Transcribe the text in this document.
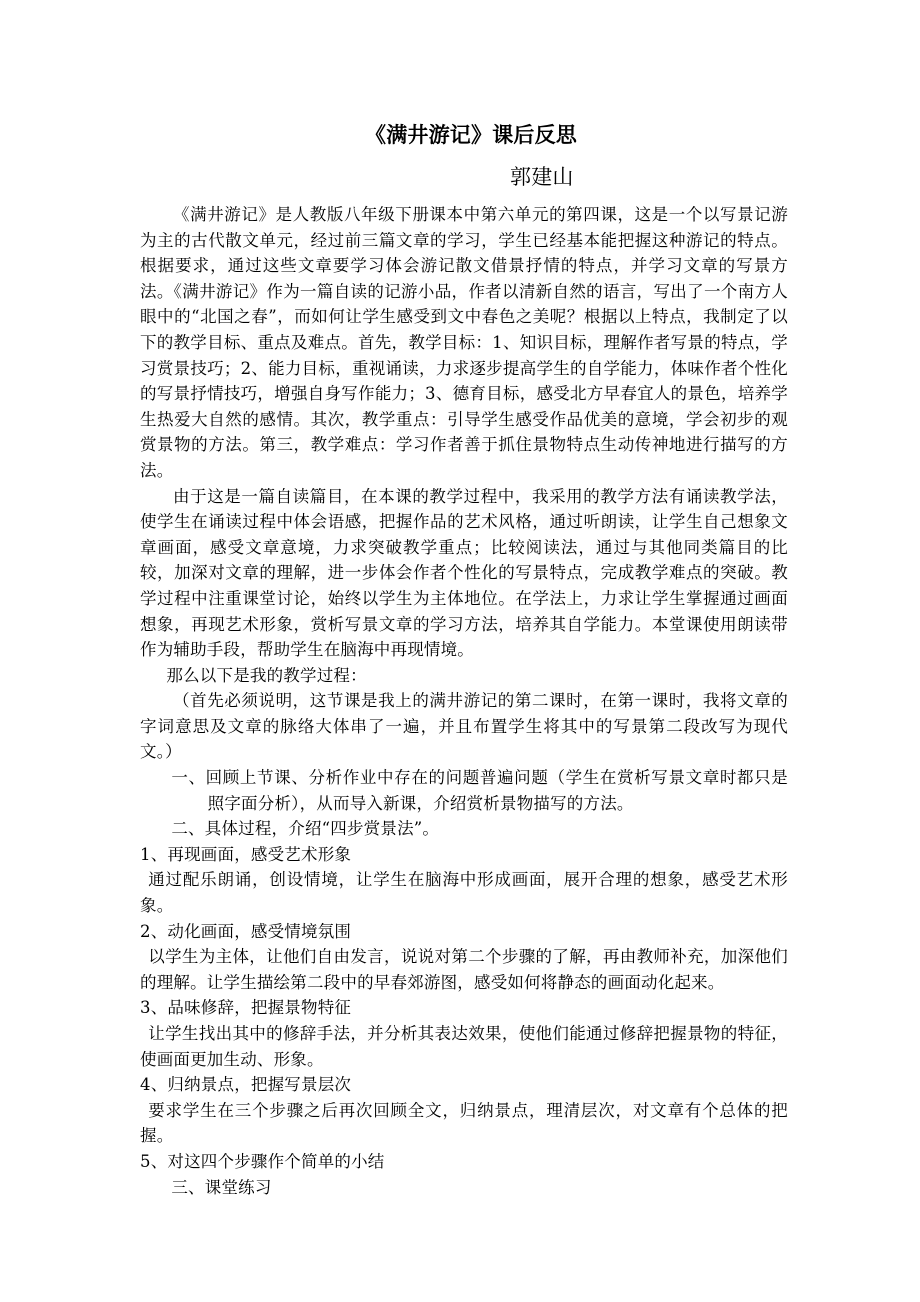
《满井游记》课后反思
郭建山

《满井游记》是人教版八年级下册课本中第六单元的第四课，这是一个以写景记游为主的古代散文单元，经过前三篇文章的学习，学生已经基本能把握这种游记的特点。根据要求，通过这些文章要学习体会游记散文借景抒情的特点，并学习文章的写景方法。《满井游记》作为一篇自读的记游小品，作者以清新自然的语言，写出了一个南方人眼中的“北国之春”，而如何让学生感受到文中春色之美呢？根据以上特点，我制定了以下的教学目标、重点及难点。首先，教学目标：1、知识目标，理解作者写景的特点，学习赏景技巧；2、能力目标，重视诵读，力求逐步提高学生的自学能力，体味作者个性化的写景抒情技巧，增强自身写作能力；3、德育目标，感受北方早春宜人的景色，培养学生热爱大自然的感情。其次，教学重点：引导学生感受作品优美的意境，学会初步的观赏景物的方法。第三，教学难点：学习作者善于抓住景物特点生动传神地进行描写的方法。

由于这是一篇自读篇目，在本课的教学过程中，我采用的教学方法有诵读教学法，使学生在诵读过程中体会语感，把握作品的艺术风格，通过听朗读，让学生自己想象文章画面，感受文章意境，力求突破教学重点；比较阅读法，通过与其他同类篇目的比较，加深对文章的理解，进一步体会作者个性化的写景特点，完成教学难点的突破。教学过程中注重课堂讨论，始终以学生为主体地位。在学法上，力求让学生掌握通过画面想象，再现艺术形象，赏析写景文章的学习方法，培养其自学能力。本堂课使用朗读带作为辅助手段，帮助学生在脑海中再现情境。

那么以下是我的教学过程：

（首先必须说明，这节课是我上的满井游记的第二课时，在第一课时，我将文章的字词意思及文章的脉络大体串了一遍，并且布置学生将其中的写景第二段改写为现代文。）

一、回顾上节课、分析作业中存在的问题普遍问题（学生在赏析写景文章时都只是照字面分析），从而导入新课，介绍赏析景物描写的方法。

二、具体过程，介绍“四步赏景法”。

1、再现画面，感受艺术形象

通过配乐朗诵，创设情境，让学生在脑海中形成画面，展开合理的想象，感受艺术形象。

2、动化画面，感受情境氛围

以学生为主体，让他们自由发言，说说对第二个步骤的了解，再由教师补充，加深他们的理解。让学生描绘第二段中的早春郊游图，感受如何将静态的画面动化起来。

3、品味修辞，把握景物特征

让学生找出其中的修辞手法，并分析其表达效果，使他们能通过修辞把握景物的特征，使画面更加生动、形象。

4、归纳景点，把握写景层次

要求学生在三个步骤之后再次回顾全文，归纳景点，理清层次，对文章有个总体的把握。

5、对这四个步骤作个简单的小结

三、课堂练习
